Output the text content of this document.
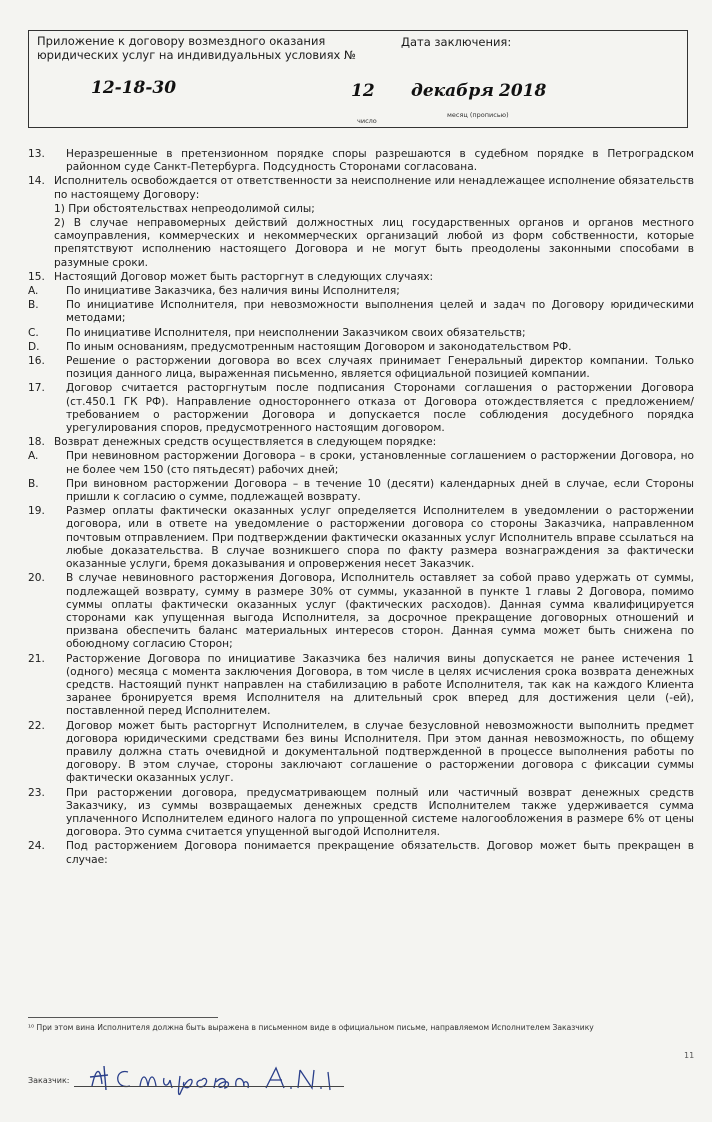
Приложение к договору возмездного оказания юридических услуг на индивидуальных условиях №
Дата заключения:
12-18-30	12 декабря 2018
число
месяц (прописью)
13.	Неразрешенные в претензионном порядке споры разрешаются в судебном порядке в Петроградском районном суде Санкт-Петербурга. Подсудность Сторонами согласована.
14. Исполнитель освобождается от ответственности за неисполнение или ненадлежащее исполнение обязательств по настоящему Договору:
1) При обстоятельствах непреодолимой силы;
2) В случае неправомерных действий должностных лиц государственных органов и органов местного самоуправления, коммерческих и некоммерческих организаций любой из форм собственности, которые препятствуют исполнению настоящего Договора и не могут быть преодолены законными способами в разумные сроки.
15. Настоящий Договор может быть расторгнут в следующих случаях:
A.	По инициативе Заказчика, без наличия вины Исполнителя;
B.	По инициативе Исполнителя, при невозможности выполнения целей и задач по Договору юридическими методами;
C.	По инициативе Исполнителя, при неисполнении Заказчиком своих обязательств;
D.	По иным основаниям, предусмотренным настоящим Договором и законодательством РФ.
16.	Решение о расторжении договора во всех случаях принимает Генеральный директор компании. Только позиция данного лица, выраженная письменно, является официальной позицией компании.
17.	Договор считается расторгнутым после подписания Сторонами соглашения о расторжении Договора (ст.450.1 ГК РФ). Направление одностороннего отказа от Договора отождествляется с предложением/требованием о расторжении Договора и допускается после соблюдения досудебного порядка урегулирования споров, предусмотренного настоящим договором.
18. Возврат денежных средств осуществляется в следующем порядке:
A.	При невиновном расторжении Договора – в сроки, установленные соглашением о расторжении Договора, но не более чем 150 (сто пятьдесят) рабочих дней;
B.	При виновном расторжении Договора – в течение 10 (десяти) календарных дней в случае, если Стороны пришли к согласию о сумме, подлежащей возврату.
19.	Размер оплаты фактически оказанных услуг определяется Исполнителем в уведомлении о расторжении договора, или в ответе на уведомление о расторжении договора со стороны Заказчика, направленном почтовым отправлением. При подтверждении фактически оказанных услуг Исполнитель вправе ссылаться на любые доказательства. В случае возникшего спора по факту размера вознаграждения за фактически оказанные услуги, бремя доказывания и опровержения несет Заказчик.
20.	В случае невиновного расторжения Договора, Исполнитель оставляет за собой право удержать от суммы, подлежащей возврату, сумму в размере 30% от суммы, указанной в пункте 1 главы 2 Договора, помимо суммы оплаты фактически оказанных услуг (фактических расходов). Данная сумма квалифицируется сторонами как упущенная выгода Исполнителя, за досрочное прекращение договорных отношений и призвана обеспечить баланс материальных интересов сторон. Данная сумма может быть снижена по обоюдному согласию Сторон;
21.	Расторжение Договора по инициативе Заказчика без наличия вины допускается не ранее истечения 1 (одного) месяца с момента заключения Договора, в том числе в целях исчисления срока возврата денежных средств. Настоящий пункт направлен на стабилизацию в работе Исполнителя, так как на каждого Клиента заранее бронируется время Исполнителя на длительный срок вперед для достижения цели (-ей), поставленной перед Исполнителем.
22.	Договор может быть расторгнут Исполнителем, в случае безусловной невозможности выполнить предмет договора юридическими средствами без вины Исполнителя. При этом данная невозможность, по общему правилу должна стать очевидной и документальной подтвержденной в процессе выполнения работы по договору. В этом случае, стороны заключают соглашение о расторжении договора с фиксации суммы фактически оказанных услуг.
23.	При расторжении договора, предусматривающем полный или частичный возврат денежных средств Заказчику, из суммы возвращаемых денежных средств Исполнителем также удерживается сумма уплаченного Исполнителем единого налога по упрощенной системе налогообложения в размере 6% от цены договора. Это сумма считается упущенной выгодой Исполнителя.
24.	Под расторжением Договора понимается прекращение обязательств. Договор может быть прекращен в случае:
¹⁰ При этом вина Исполнителя должна быть выражена в письменном виде в официальном письме, направляемом Исполнителем Заказчику
11
Заказчик:
